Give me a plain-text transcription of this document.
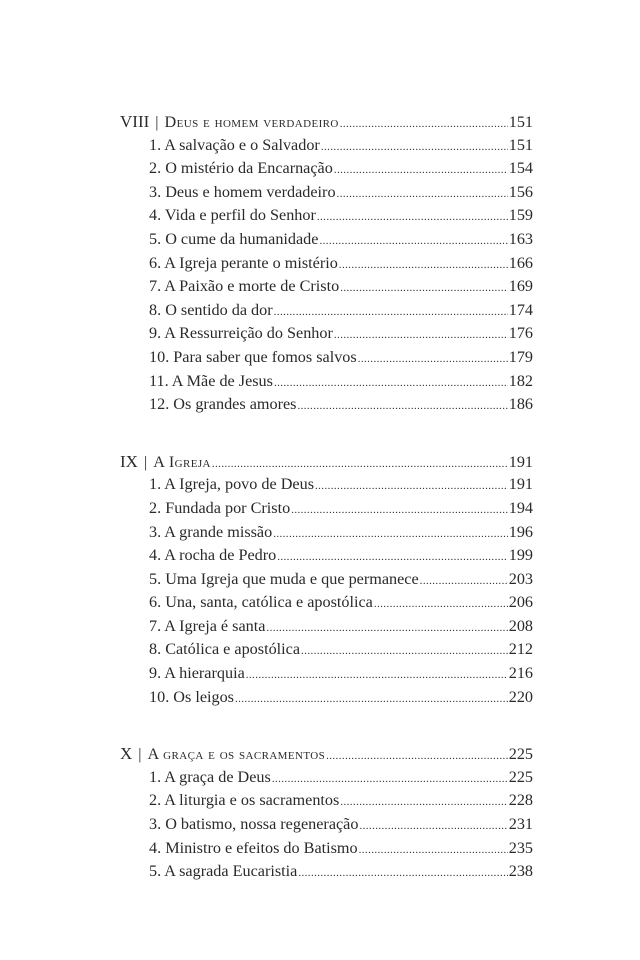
VIII | Deus e homem verdadeiro .....	151
1. A salvação e o Salvador .....	151
2. O mistério da Encarnação .....	154
3. Deus e homem verdadeiro .....	156
4. Vida e perfil do Senhor .....	159
5. O cume da humanidade .....	163
6. A Igreja perante o mistério .....	166
7. A Paixão e morte de Cristo .....	169
8. O sentido da dor .....	174
9. A Ressurreição do Senhor .....	176
10. Para saber que fomos salvos .....	179
11. A Mãe de Jesus .....	182
12. Os grandes amores .....	186
IX | A Igreja .....	191
1. A Igreja, povo de Deus .....	191
2. Fundada por Cristo .....	194
3. A grande missão .....	196
4. A rocha de Pedro .....	199
5. Uma Igreja que muda e que permanece .....	203
6. Una, santa, católica e apostólica .....	206
7. A Igreja é santa .....	208
8. Católica e apostólica .....	212
9. A hierarquia .....	216
10. Os leigos .....	220
X | A graça e os sacramentos .....	225
1. A graça de Deus .....	225
2. A liturgia e os sacramentos .....	228
3. O batismo, nossa regeneração .....	231
4. Ministro e efeitos do Batismo .....	235
5. A sagrada Eucaristia .....	238
